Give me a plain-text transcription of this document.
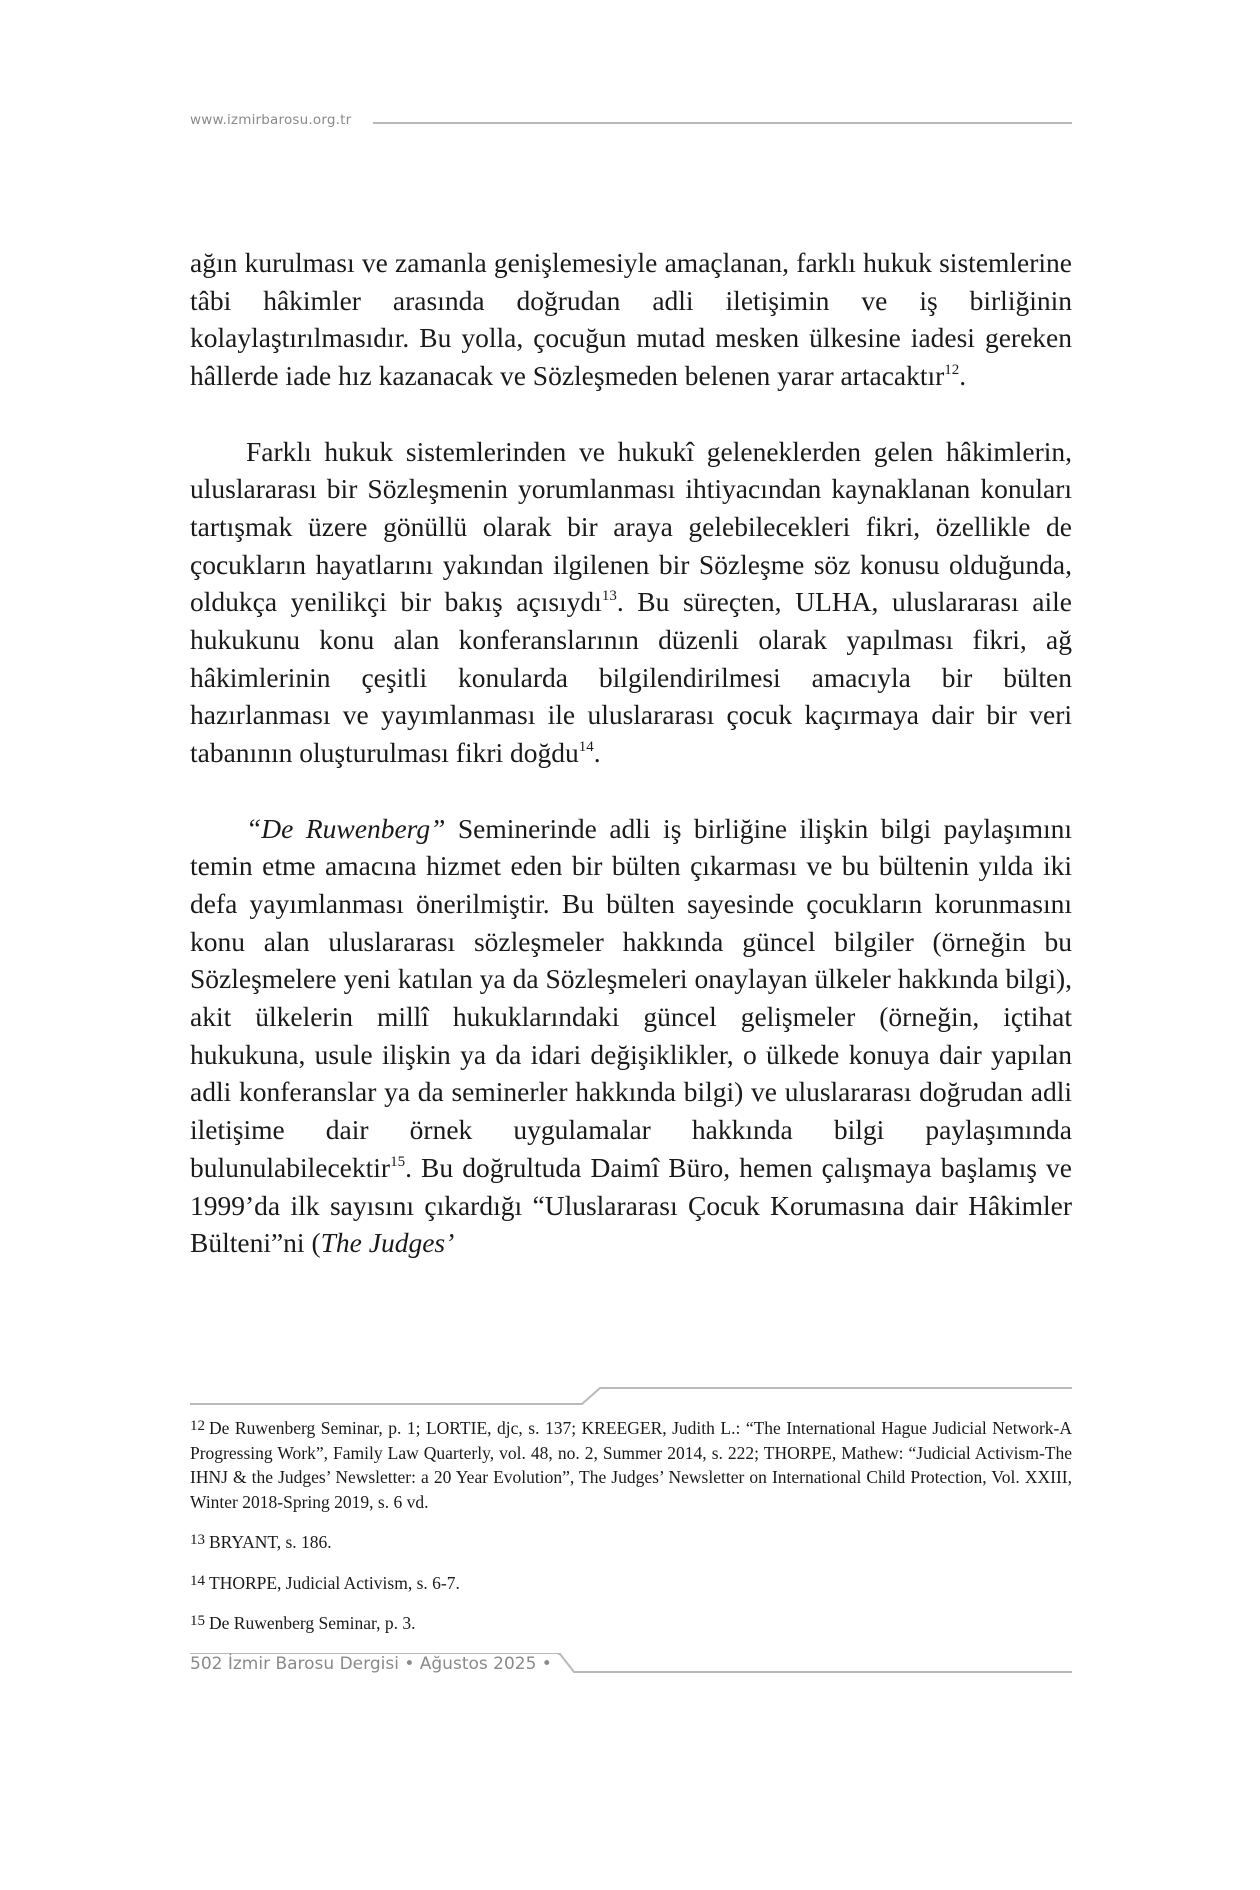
www.izmirbarosu.org.tr

ağın kurulması ve zamanla genişlemesiyle amaçlanan, farklı hukuk sistemlerine tâbi hâkimler arasında doğrudan adli iletişimin ve iş birliğinin kolaylaştırılmasıdır. Bu yolla, çocuğun mutad mesken ülkesine iadesi gereken hâllerde iade hız kazanacak ve Sözleşmeden belenen yarar artacaktır$^{12}$.

Farklı hukuk sistemlerinden ve hukukî geleneklerden gelen hâkimlerin, uluslararası bir Sözleşmenin yorumlanması ihtiyacından kaynaklanan konuları tartışmak üzere gönüllü olarak bir araya gelebilecekleri fikri, özellikle de çocukların hayatlarını yakından ilgilenen bir Sözleşme söz konusu olduğunda, oldukça yenilikçi bir bakış açısıydı$^{13}$. Bu süreçten, ULHA, uluslararası aile hukukunu konu alan konferanslarının düzenli olarak yapılması fikri, ağ hâkimlerinin çeşitli konularda bilgilendirilmesi amacıyla bir bülten hazırlanması ve yayımlanması ile uluslararası çocuk kaçırmaya dair bir veri tabanının oluşturulması fikri doğdu$^{14}$.

“De Ruwenberg” Seminerinde adli iş birliğine ilişkin bilgi paylaşımını temin etme amacına hizmet eden bir bülten çıkarması ve bu bültenin yılda iki defa yayımlanması önerilmiştir. Bu bülten sayesinde çocukların korunmasını konu alan uluslararası sözleşmeler hakkında güncel bilgiler (örneğin bu Sözleşmelere yeni katılan ya da Sözleşmeleri onaylayan ülkeler hakkında bilgi), akit ülkelerin millî hukuklarındaki güncel gelişmeler (örneğin, içtihat hukukuna, usule ilişkin ya da idari değişiklikler, o ülkede konuya dair yapılan adli konferanslar ya da seminerler hakkında bilgi) ve uluslararası doğrudan adli iletişime dair örnek uygulamalar hakkında bilgi paylaşımında bulunulabilecektir$^{15}$. Bu doğrultuda Daimî Büro, hemen çalışmaya başlamış ve 1999’da ilk sayısını çıkardığı “Uluslararası Çocuk Korumasına dair Hâkimler Bülteni”ni (The Judges’

12 De Ruwenberg Seminar, p. 1; LORTIE, djc, s. 137; KREEGER, Judith L.: “The International Hague Judicial Network-A Progressing Work”, Family Law Quarterly, vol. 48, no. 2, Summer 2014, s. 222; THORPE, Mathew: “Judicial Activism-The IHNJ & the Judges’ Newsletter: a 20 Year Evolution”, The Judges’ Newsletter on International Child Protection, Vol. XXIII, Winter 2018-Spring 2019, s. 6 vd.

13 BRYANT, s. 186.

14 THORPE, Judicial Activism, s. 6-7.

15 De Ruwenberg Seminar, p. 3.

502 İzmir Barosu Dergisi • Ağustos 2025 •
